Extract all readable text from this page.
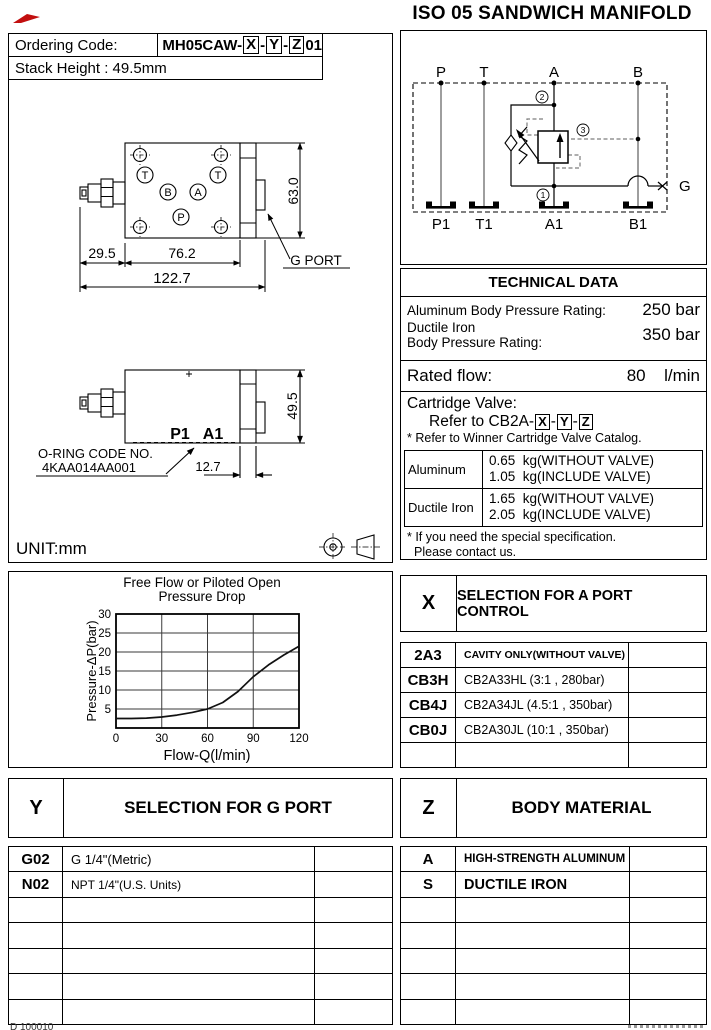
ISO 05 SANDWICH MANIFOLD
Ordering Code:	MH05CAW- X - Y - Z 01
Stack Height : 49.5mm
T	T
B A
P
29.5	76.2
122.7
63.0
G PORT
P1 A1
49.5
12.7
O-RING CODE NO.
4KAA014AA001
UNIT:mm
2
1
3
P T	A	B
P1 T1	A1	B1
G
TECHNICAL DATA
Aluminum Body Pressure Rating: 250 bar
Ductile Iron
Body Pressure Rating:	350 bar
Rated flow:	80 l/min
Cartridge Valve:
Refer to CB2A- X - Y - Z
* Refer to Winner Cartridge Valve Catalog.
Aluminum
0.65  kg(WITHOUT VALVE)
1.05  kg(INCLUDE VALVE)
Ductile Iron
1.65  kg(WITHOUT VALVE)
2.05  kg(INCLUDE VALVE)
* If you need the special specification.
Please contact us.
Free Flow or Piloted Open
Pressure Drop
30
25
20
15
10
5
0	30	60	90	120
Flow-Q(l/min)
Pressure-ΔP(bar)
X	SELECTION FOR A PORT CONTROL
2A3	CAVITY ONLY(WITHOUT VALVE)
CB3H	CB2A33HL (3:1 , 280bar)
CB4J	CB2A34JL (4.5:1 , 350bar)
CB0J	CB2A30JL (10:1 , 350bar)
Y	SELECTION FOR G PORT
G02	G 1/4"(Metric)
N02	NPT 1/4"(U.S. Units)
Z	BODY MATERIAL
A	HIGH-STRENGTH ALUMINUM
S	DUCTILE IRON
D 100010
